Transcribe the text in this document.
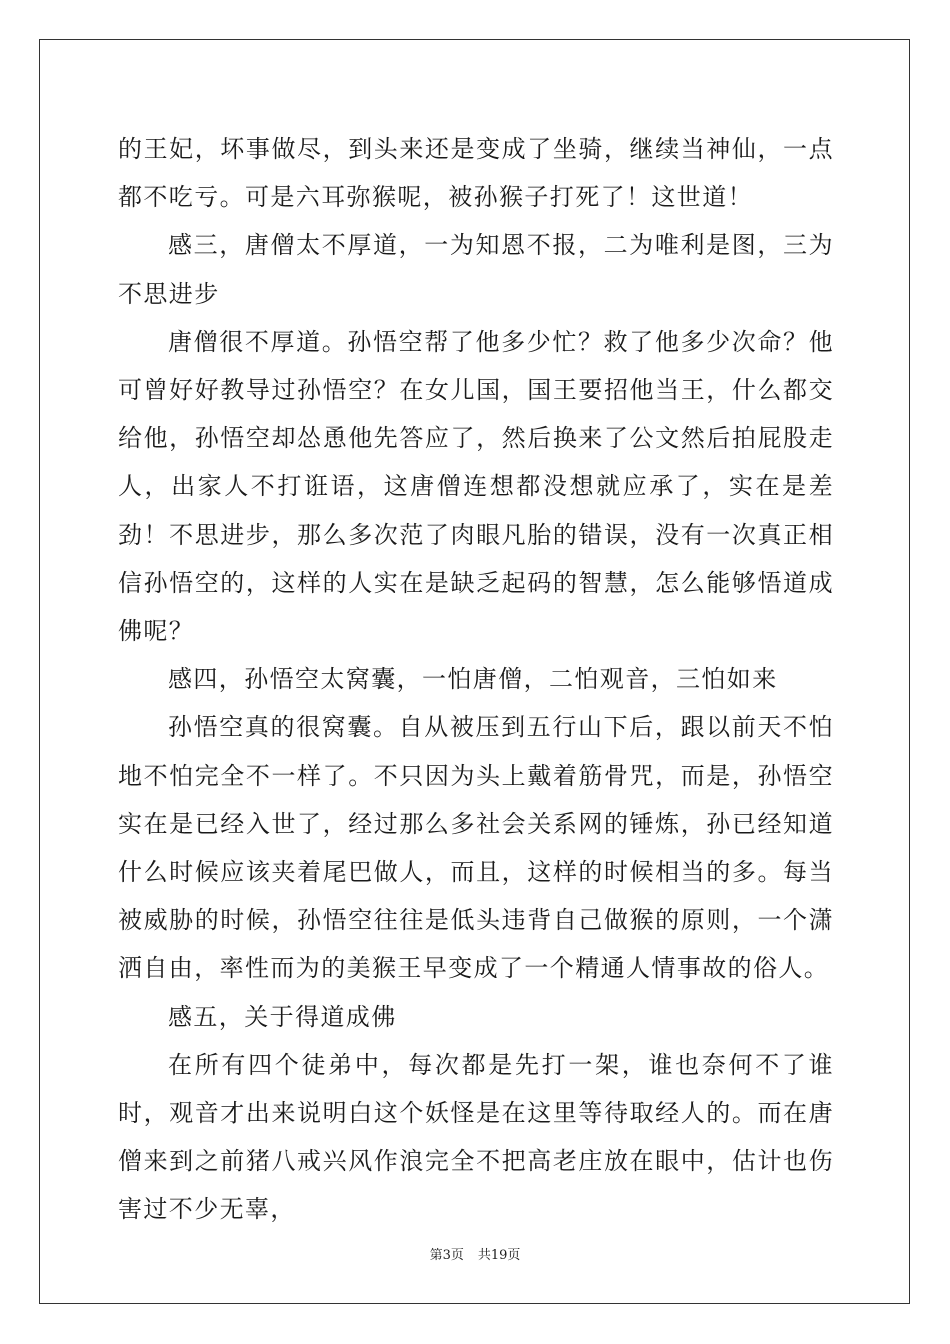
的王妃，坏事做尽，到头来还是变成了坐骑，继续当神仙，一点都不吃亏。可是六耳弥猴呢，被孙猴子打死了！这世道！

感三，唐僧太不厚道，一为知恩不报，二为唯利是图，三为不思进步

唐僧很不厚道。孙悟空帮了他多少忙？救了他多少次命？他可曾好好教导过孙悟空？在女儿国，国王要招他当王，什么都交给他，孙悟空却怂恿他先答应了，然后换来了公文然后拍屁股走人，出家人不打诳语，这唐僧连想都没想就应承了，实在是差劲！不思进步，那么多次范了肉眼凡胎的错误，没有一次真正相信孙悟空的，这样的人实在是缺乏起码的智慧，怎么能够悟道成佛呢？

感四，孙悟空太窝囊，一怕唐僧，二怕观音，三怕如来

孙悟空真的很窝囊。自从被压到五行山下后，跟以前天不怕地不怕完全不一样了。不只因为头上戴着筋骨咒，而是，孙悟空实在是已经入世了，经过那么多社会关系网的锤炼，孙已经知道什么时候应该夹着尾巴做人，而且，这样的时候相当的多。每当被威胁的时候，孙悟空往往是低头违背自己做猴的原则，一个潇洒自由，率性而为的美猴王早变成了一个精通人情事故的俗人。

感五，关于得道成佛

在所有四个徒弟中，每次都是先打一架，谁也奈何不了谁时，观音才出来说明白这个妖怪是在这里等待取经人的。而在唐僧来到之前猪八戒兴风作浪完全不把高老庄放在眼中，估计也伤害过不少无辜，

第3页 共19页
